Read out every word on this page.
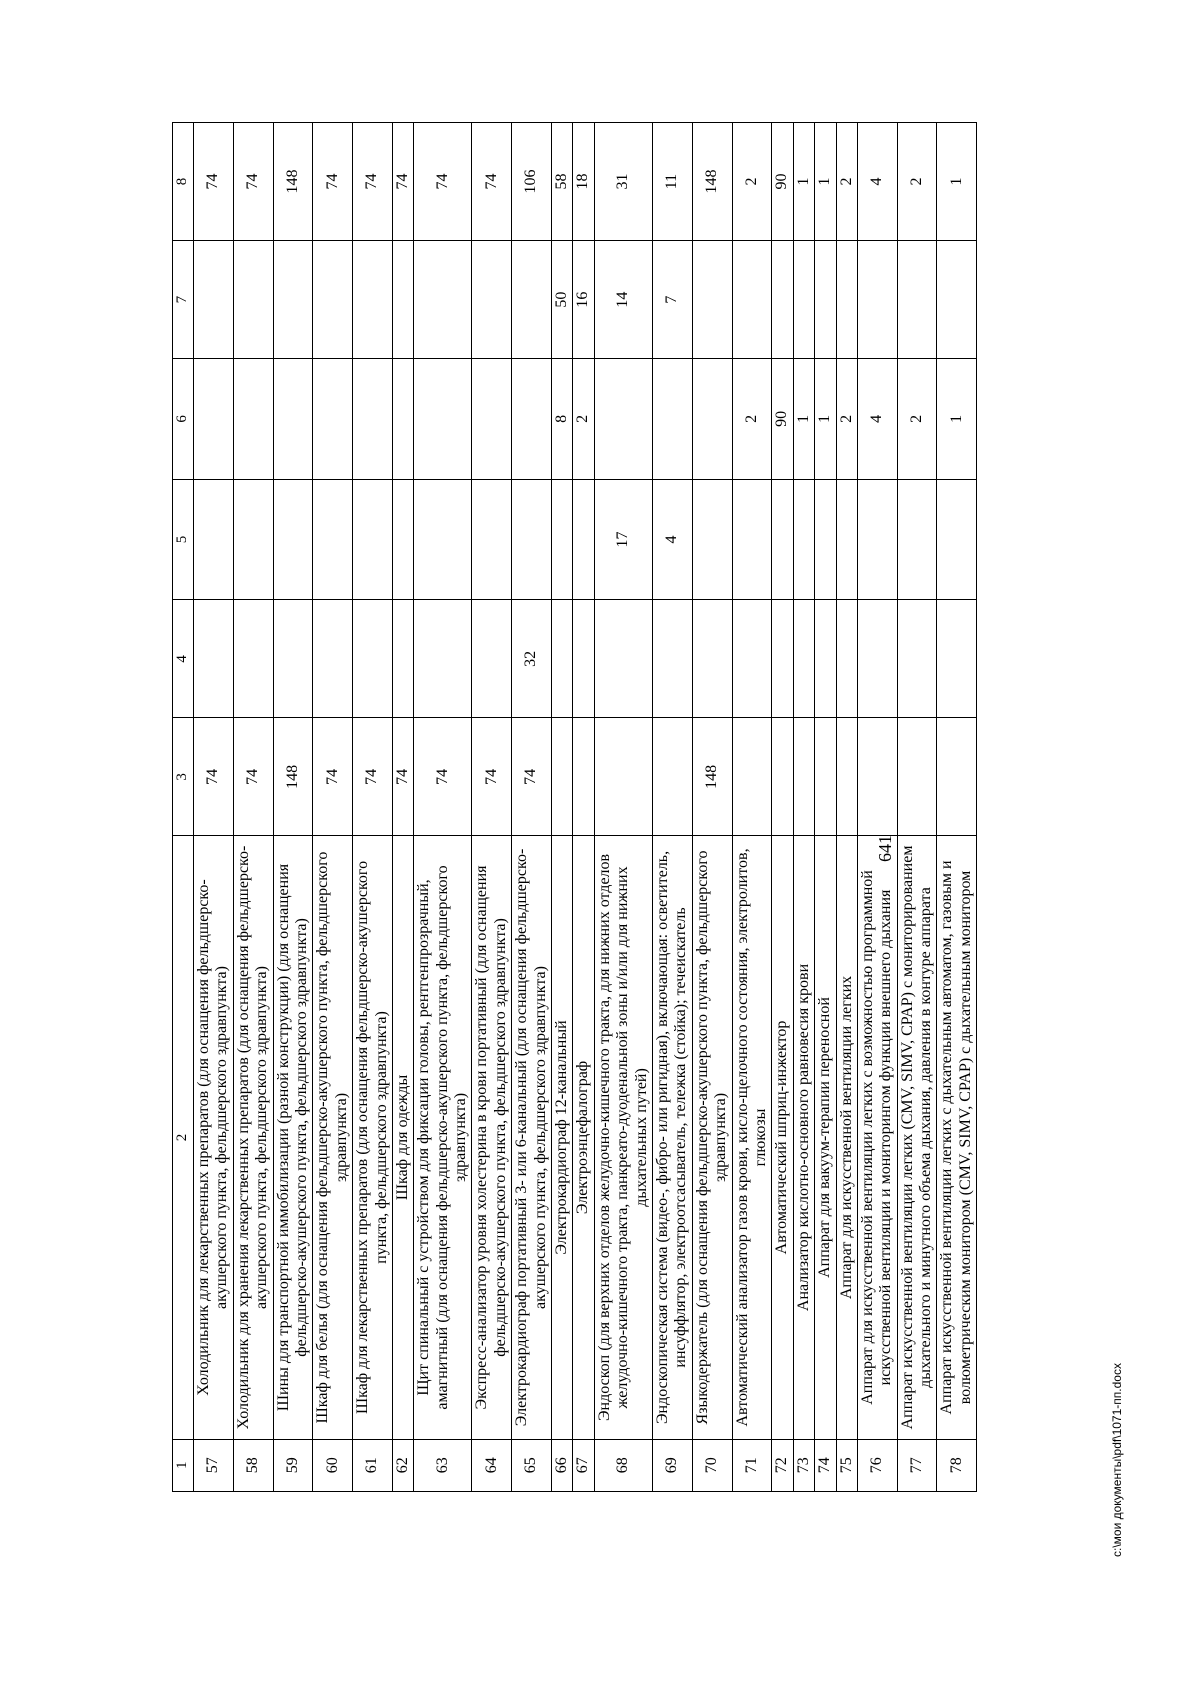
641
1	2	3	4	5	6	7	8
57	Холодильник для лекарственных препаратов (для оснащения фельдшерско-акушерского пункта, фельдшерского здравпункта)	74					74
58	Холодильник для хранения лекарственных препаратов (для оснащения фельдшерско-акушерского пункта, фельдшерского здравпункта)	74					74
59	Шины для транспортной иммобилизации (разной конструкции) (для оснащения фельдшерско-акушерского пункта, фельдшерского здравпункта)	148					148
60	Шкаф для белья (для оснащения фельдшерско-акушерского пункта, фельдшерского здравпункта)	74					74
61	Шкаф для лекарственных препаратов (для оснащения фельдшерско-акушерского пункта, фельдшерского здравпункта)	74					74
62	Шкаф для одежды	74					74
63	Щит спинальный с устройством для фиксации головы, рентгенпрозрачный, амагнитный (для оснащения фельдшерско-акушерского пункта, фельдшерского здравпункта)	74					74
64	Экспресс-анализатор уровня холестерина в крови портативный (для оснащения фельдшерско-акушерского пункта, фельдшерского здравпункта)	74					74
65	Электрокардиограф портативный 3- или 6-канальный (для оснащения фельдшерско-акушерского пункта, фельдшерского здравпункта)	74	32				106
66	Электрокардиограф 12-канальный				8	50	58
67	Электроэнцефалограф				2	16	18
68	Эндоскоп (для верхних отделов желудочно-кишечного тракта, для нижних отделов желудочно-кишечного тракта, панкреато-дуоденальной зоны и/или для нижних дыхательных путей)			17		14	31
69	Эндоскопическая система (видео-, фибро- или ригидная), включающая: осветитель, инсуффлятор, электроотсасыватель, тележка (стойка); течеискатель			4		7	11
70	Языкодержатель (для оснащения фельдшерско-акушерского пункта, фельдшерского здравпункта)	148					148
71	Автоматический анализатор газов крови, кисло-щелочного состояния, электролитов, глюкозы				2		2
72	Автоматический шприц-инжектор				90		90
73	Анализатор кислотно-основного равновесия крови				1		1
74	Аппарат для вакуум-терапии переносной				1		1
75	Аппарат для искусственной вентиляции легких				2		2
76	Аппарат для искусственной вентиляции легких с возможностью программной искусственной вентиляции и мониторингом функции внешнего дыхания				4		4
77	Аппарат искусственной вентиляции легких (CMV, SIMV, CPAP) с мониторированием дыхательного и минутного объема дыхания, давления в контуре аппарата				2		2
78	Аппарат искусственной вентиляции легких с дыхательным автоматом, газовым и волюметрическим монитором (CMV, SIMV, CPAP) с дыхательным монитором				1		1
c:\мои документы\pdf\1071-пп.docx
